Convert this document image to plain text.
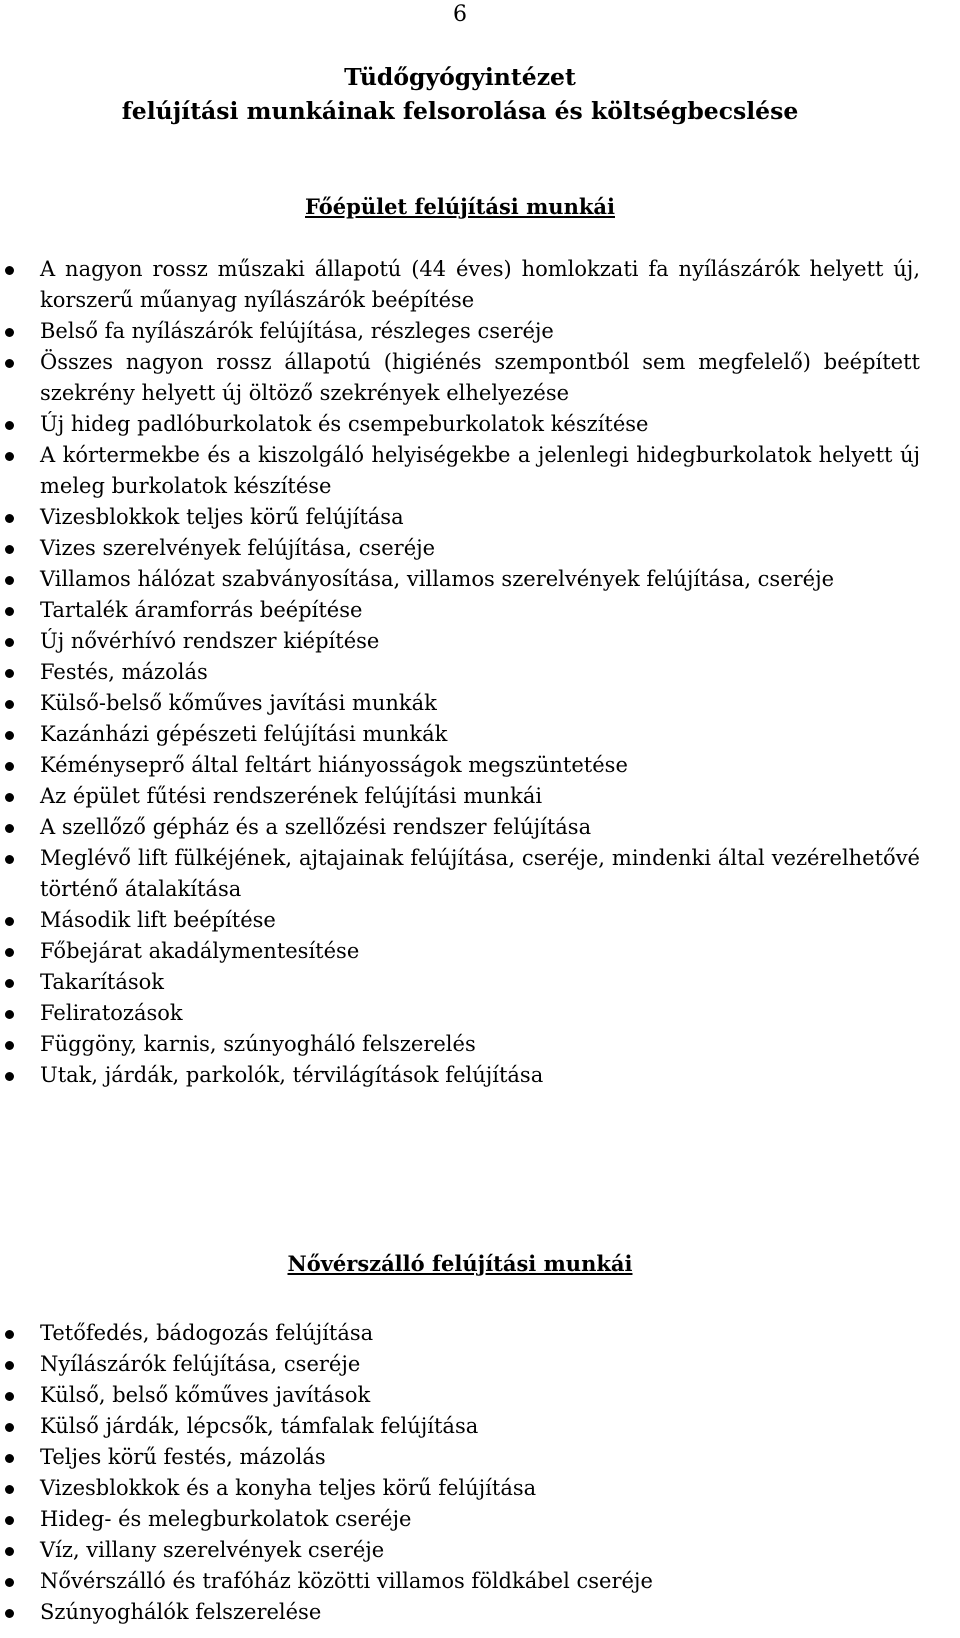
6
Tüdőgyógyintézet
felújítási munkáinak felsorolása és költségbecslése
Főépület felújítási munkái
A nagyon rossz műszaki állapotú (44 éves) homlokzati fa nyílászárók helyett új, korszerű műanyag nyílászárók beépítése
Belső fa nyílászárók felújítása, részleges cseréje
Összes nagyon rossz állapotú (higiénés szempontból sem megfelelő) beépített szekrény helyett új öltöző szekrények elhelyezése
Új hideg padlóburkolatok és csempeburkolatok készítése
A kórtermekbe és a kiszolgáló helyiségekbe a jelenlegi hidegburkolatok helyett új meleg burkolatok készítése
Vizesblokkok teljes körű felújítása
Vizes szerelvények felújítása, cseréje
Villamos hálózat szabványosítása, villamos szerelvények felújítása, cseréje
Tartalék áramforrás beépítése
Új nővérhívó rendszer kiépítése
Festés, mázolás
Külső-belső kőműves javítási munkák
Kazánházi gépészeti felújítási munkák
Kéményseprő által feltárt hiányosságok megszüntetése
Az épület fűtési rendszerének felújítási munkái
A szellőző gépház és a szellőzési rendszer felújítása
Meglévő lift fülkéjének, ajtajainak felújítása, cseréje, mindenki által vezérelhetővé történő átalakítása
Második lift beépítése
Főbejárat akadálymentesítése
Takarítások
Feliratozások
Függöny, karnis, szúnyogháló felszerelés
Utak, járdák, parkolók, térvilágítások felújítása
Nővérszálló felújítási munkái
Tetőfedés, bádogozás felújítása
Nyílászárók felújítása, cseréje
Külső, belső kőműves javítások
Külső járdák, lépcsők, támfalak felújítása
Teljes körű festés, mázolás
Vizesblokkok és a konyha teljes körű felújítása
Hideg- és melegburkolatok cseréje
Víz, villany szerelvények cseréje
Nővérszálló és trafóház közötti villamos földkábel cseréje
Szúnyoghálók felszerelése
